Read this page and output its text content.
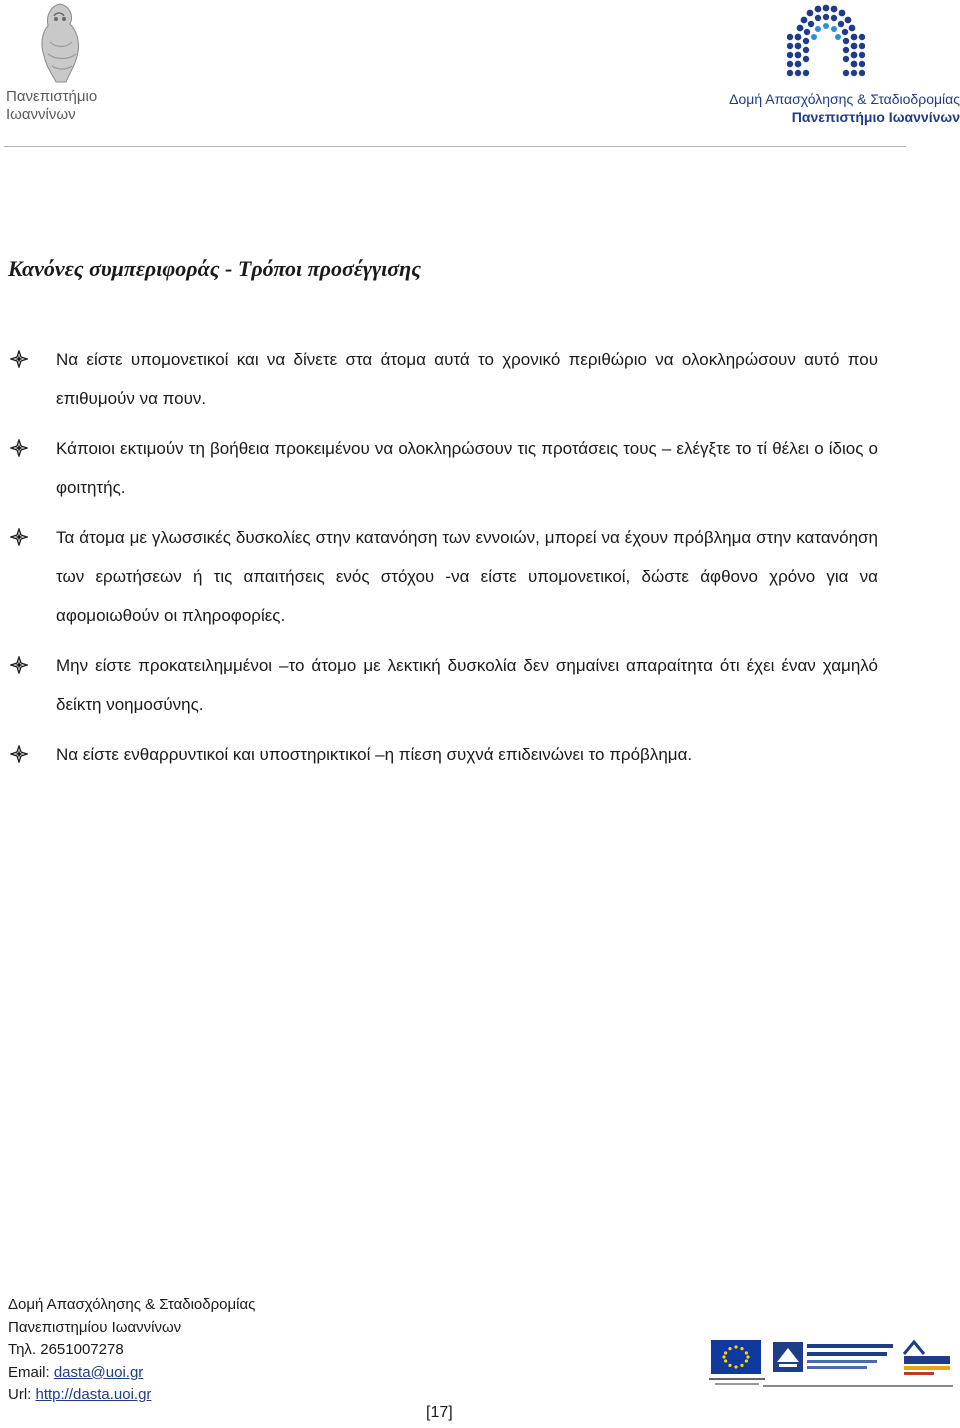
Πανεπιστήμιο
Ιωαννίνων
Δομή Απασχόλησης & Σταδιοδρομίας
Πανεπιστήμιο Ιωαννίνων
Κανόνες συμπεριφοράς - Τρόποι προσέγγισης
Να είστε υπομονετικοί και να δίνετε στα άτομα αυτά το χρονικό περιθώριο να ολοκληρώσουν αυτό που επιθυμούν να πουν.
Κάποιοι εκτιμούν τη βοήθεια προκειμένου να ολοκληρώσουν τις προτάσεις τους – ελέγξτε το τί θέλει ο ίδιος ο φοιτητής.
Τα άτομα με γλωσσικές δυσκολίες στην κατανόηση των εννοιών, μπορεί να έχουν πρόβλημα στην κατανόηση των ερωτήσεων ή τις απαιτήσεις ενός στόχου -να είστε υπομονετικοί, δώστε άφθονο χρόνο για να αφομοιωθούν οι πληροφορίες.
Μην είστε προκατειλημμένοι –το άτομο με λεκτική δυσκολία δεν σημαίνει απαραίτητα ότι έχει έναν χαμηλό δείκτη νοημοσύνης.
Να είστε ενθαρρυντικοί και υποστηρικτικοί –η πίεση συχνά επιδεινώνει το πρόβλημα.
Δομή Απασχόλησης & Σταδιοδρομίας
Πανεπιστημίου Ιωαννίνων
Τηλ. 2651007278
Email: dasta@uoi.gr
Url: http://dasta.uoi.gr
[17]
